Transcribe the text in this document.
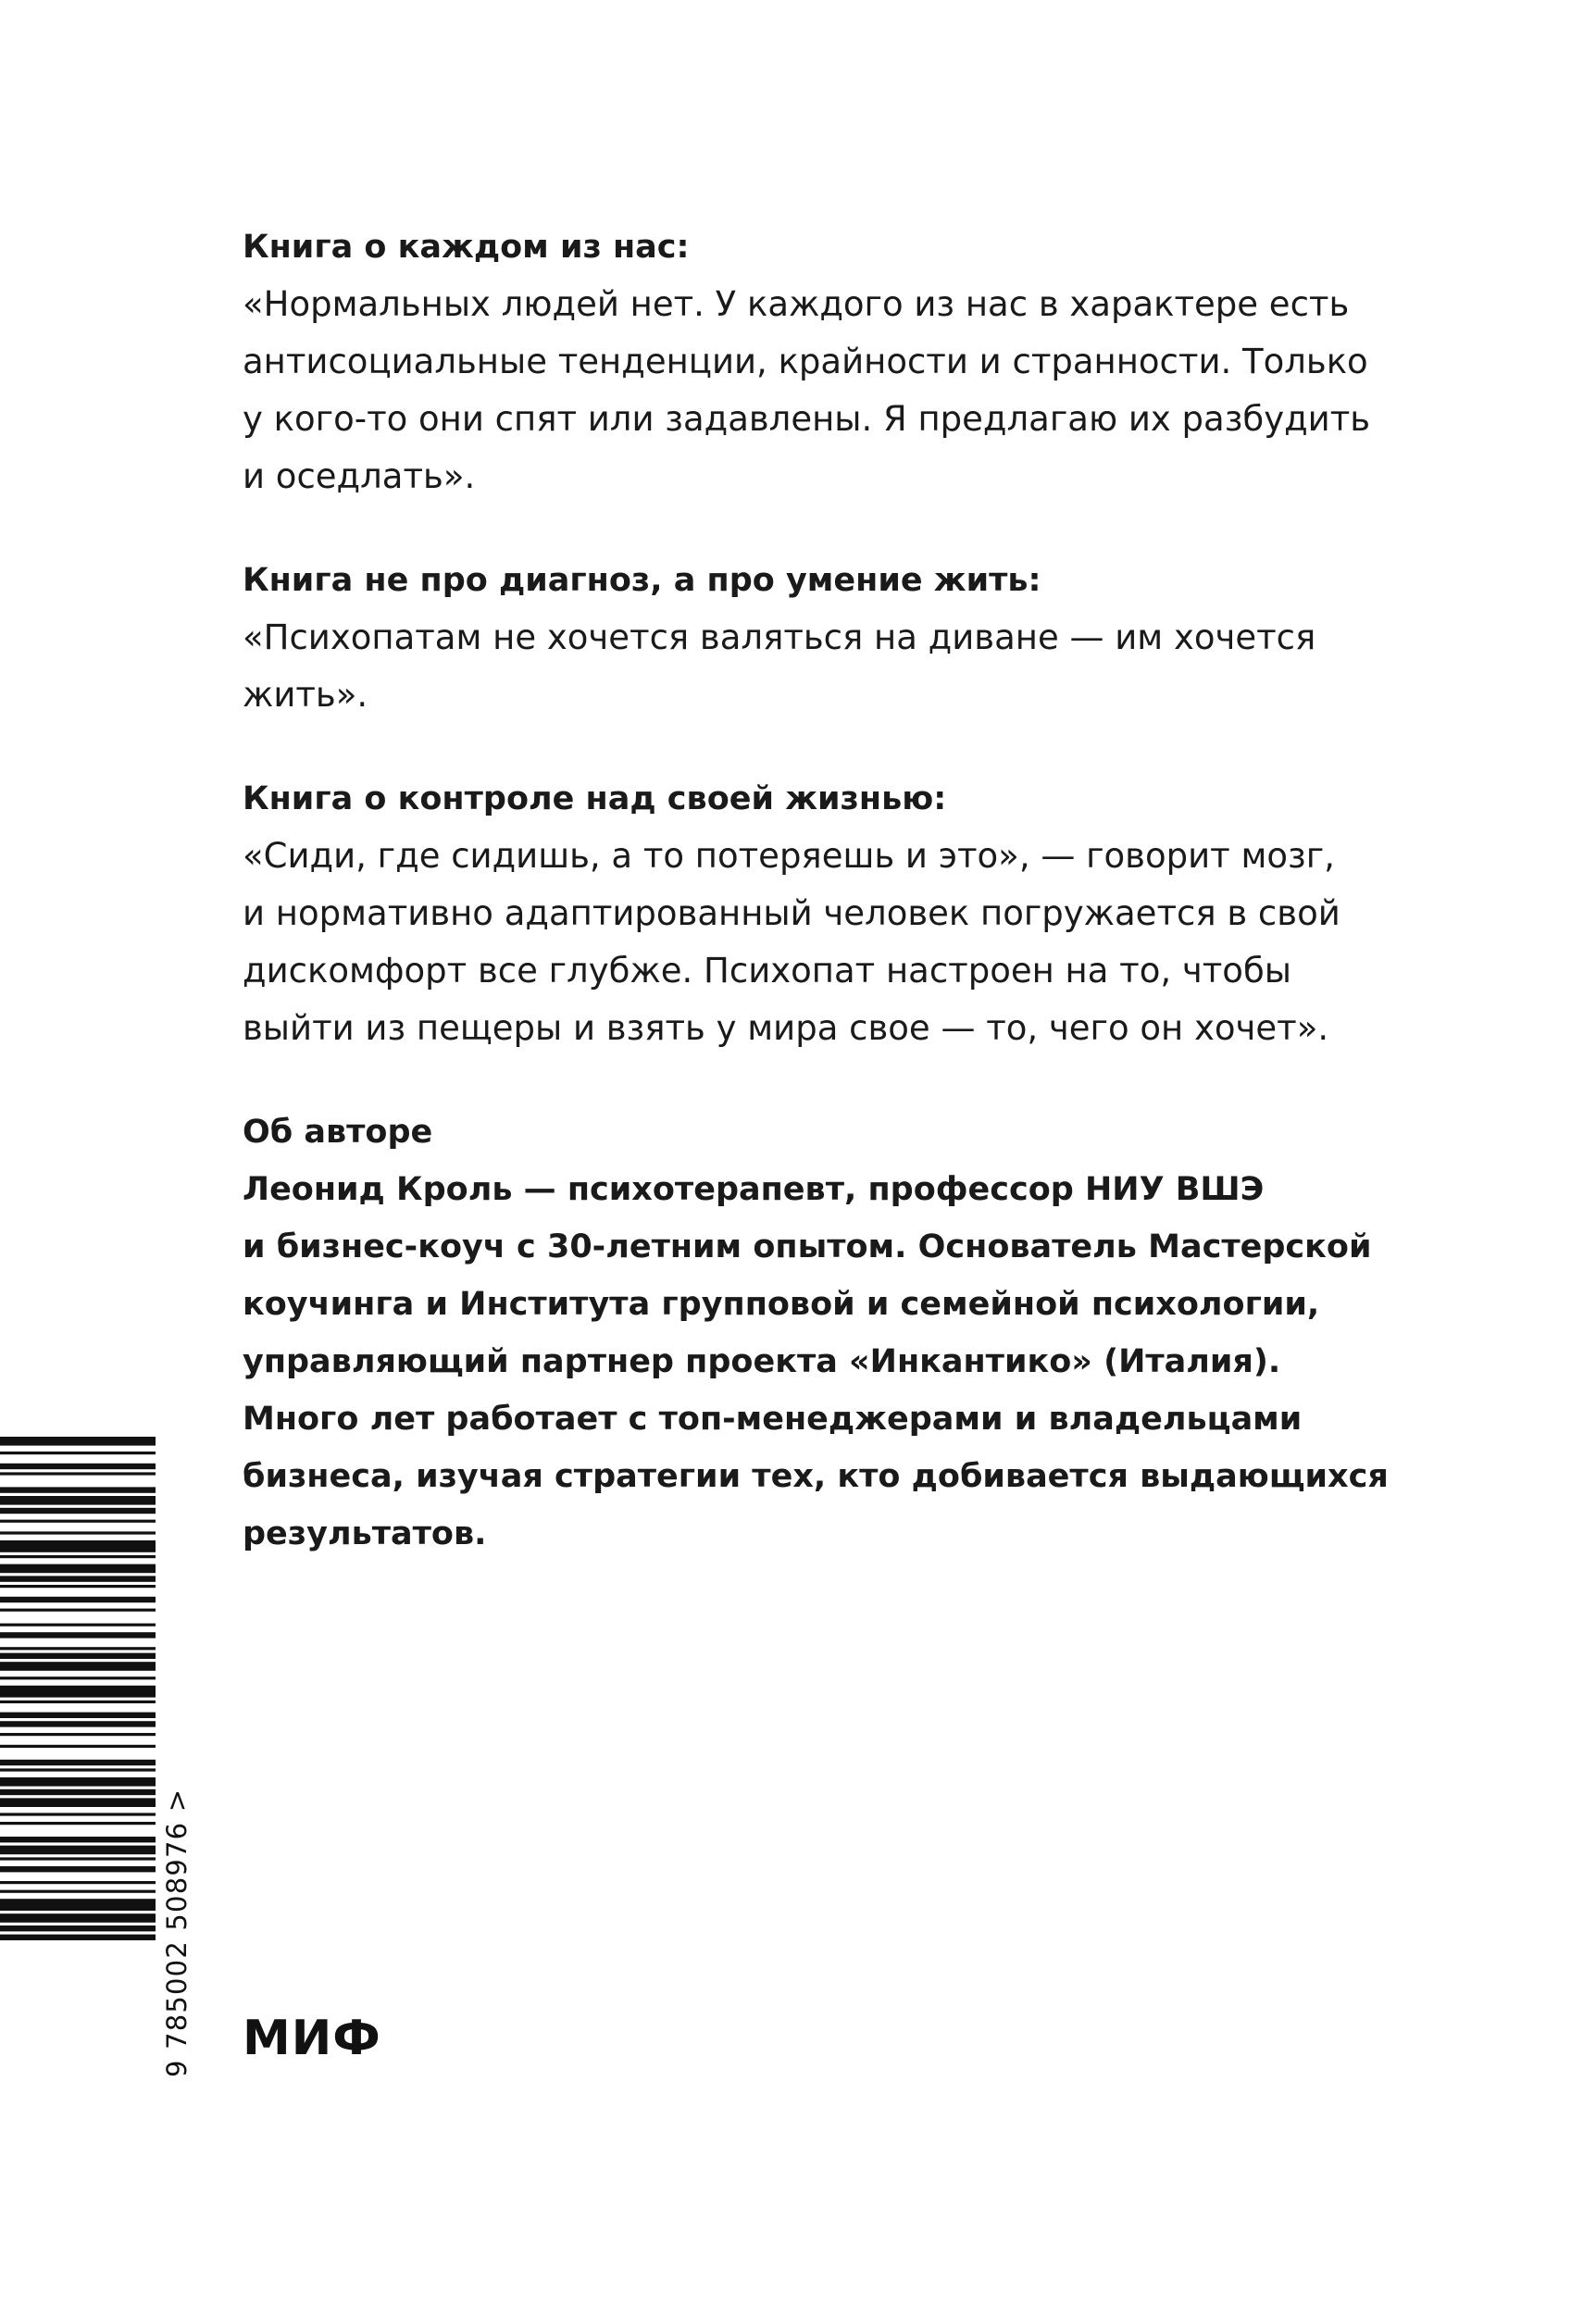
Книга о каждом из нас:

«Нормальных людей нет. У каждого из нас в характере есть

антисоциальные тенденции, крайности и странности. Только

у кого-то они спят или задавлены. Я предлагаю их разбудить

и оседлать».

Книга не про диагноз, а про умение жить:

«Психопатам не хочется валяться на диване — им хочется

жить».

Книга о контроле над своей жизнью:

«Сиди, где сидишь, а то потеряешь и это», — говорит мозг,

и нормативно адаптированный человек погружается в свой

дискомфорт все глубже. Психопат настроен на то, чтобы

выйти из пещеры и взять у мира свое — то, чего он хочет».

Об авторе

Леонид Кроль — психотерапевт, профессор НИУ ВШЭ

и бизнес-коуч с 30-летним опытом. Основатель Мастерской

коучинга и Института групповой и семейной психологии,

управляющий партнер проекта «Инкантико» (Италия).

Много лет работает с топ-менеджерами и владельцами

бизнеса, изучая стратегии тех, кто добивается выдающихся

результатов.

9 785002 508976 > МИФ
